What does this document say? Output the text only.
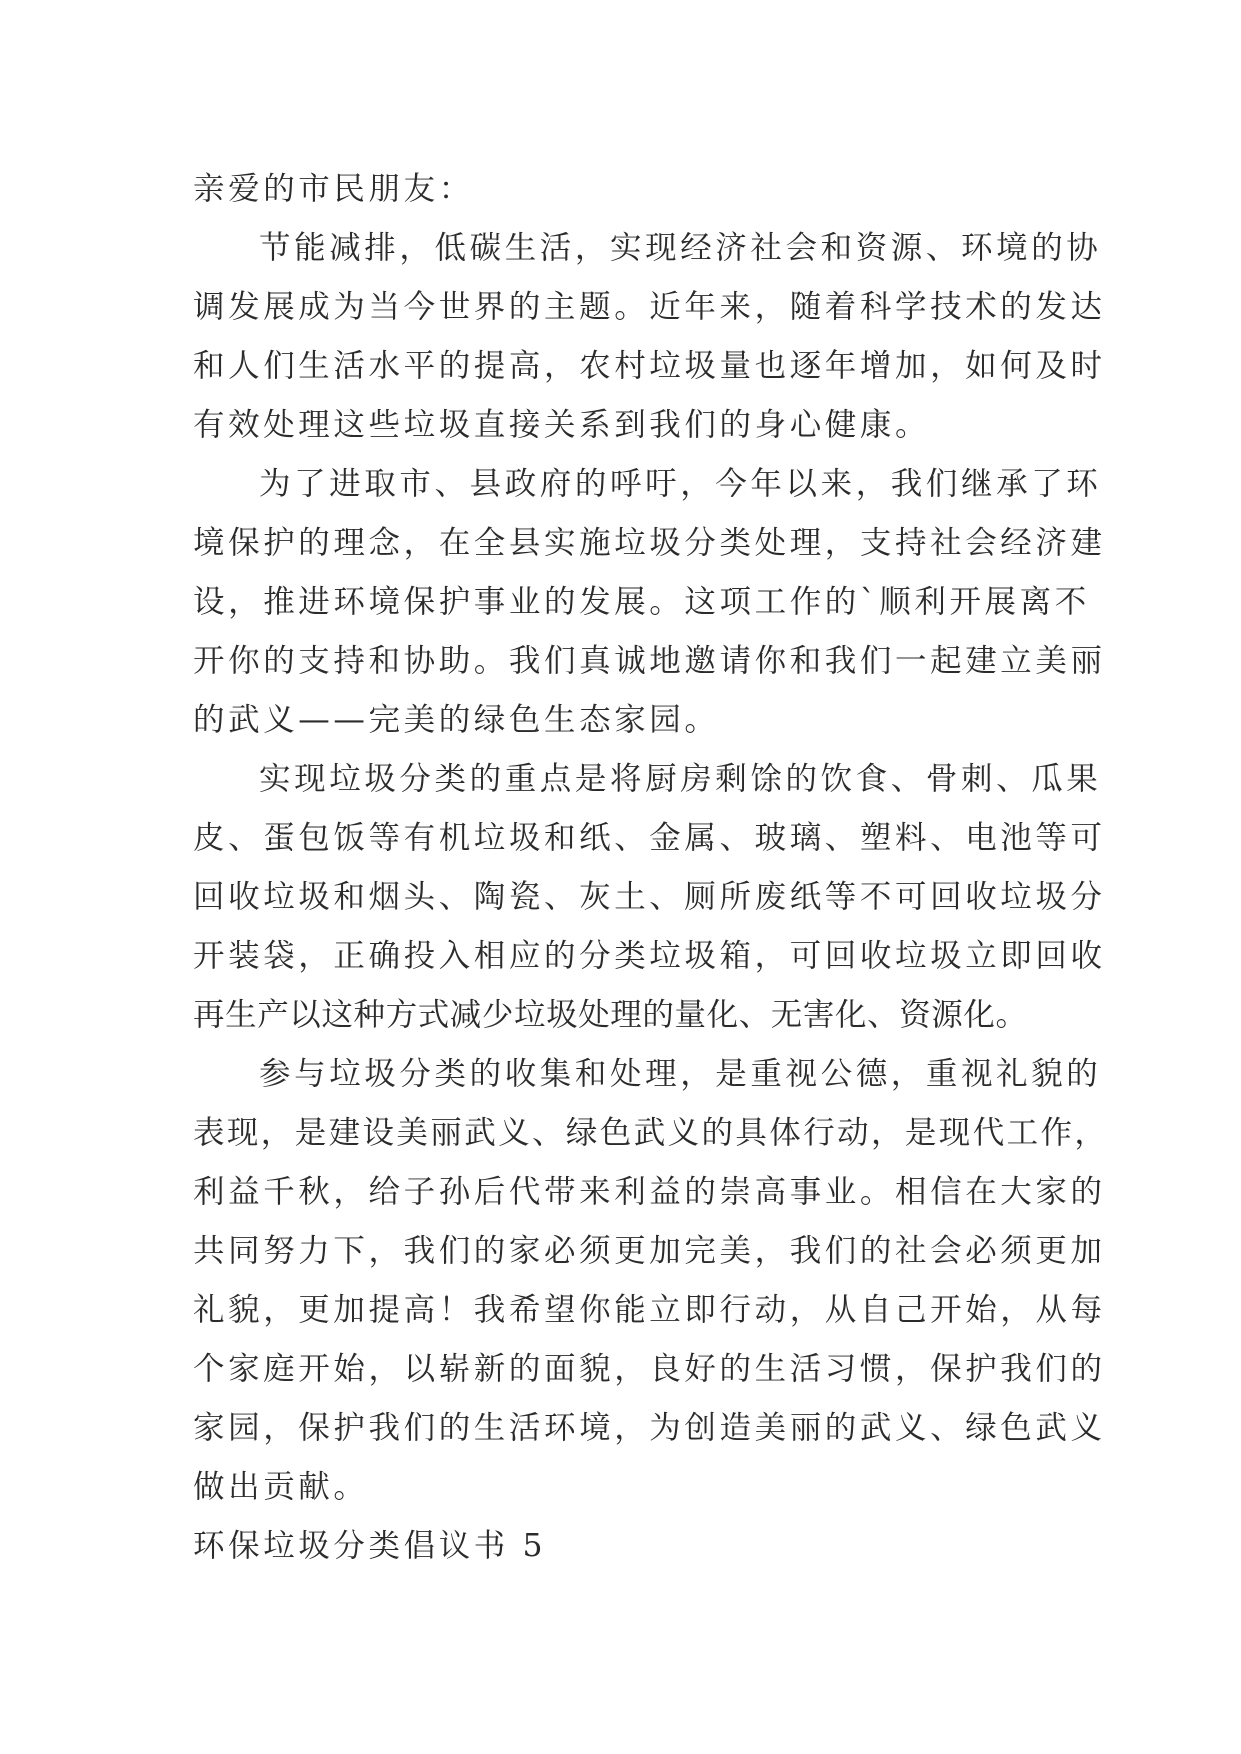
亲爱的市民朋友：
节能减排，低碳生活，实现经济社会和资源、环境的协
调发展成为当今世界的主题。近年来，随着科学技术的发达
和人们生活水平的提高，农村垃圾量也逐年增加，如何及时
有效处理这些垃圾直接关系到我们的身心健康。
为了进取市、县政府的呼吁，今年以来，我们继承了环
境保护的理念，在全县实施垃圾分类处理，支持社会经济建
设，推进环境保护事业的发展。这项工作的`顺利开展离不
开你的支持和协助。我们真诚地邀请你和我们一起建立美丽
的武义——完美的绿色生态家园。
实现垃圾分类的重点是将厨房剩馀的饮食、骨刺、瓜果
皮、蛋包饭等有机垃圾和纸、金属、玻璃、塑料、电池等可
回收垃圾和烟头、陶瓷、灰土、厕所废纸等不可回收垃圾分
开装袋，正确投入相应的分类垃圾箱，可回收垃圾立即回收
再生产以这种方式减少垃圾处理的量化、无害化、资源化。
参与垃圾分类的收集和处理，是重视公德，重视礼貌的
表现，是建设美丽武义、绿色武义的具体行动，是现代工作，
利益千秋，给子孙后代带来利益的崇高事业。相信在大家的
共同努力下，我们的家必须更加完美，我们的社会必须更加
礼貌，更加提高！我希望你能立即行动，从自己开始，从每
个家庭开始，以崭新的面貌，良好的生活习惯，保护我们的
家园，保护我们的生活环境，为创造美丽的武义、绿色武义
做出贡献。
环保垃圾分类倡议书 5
